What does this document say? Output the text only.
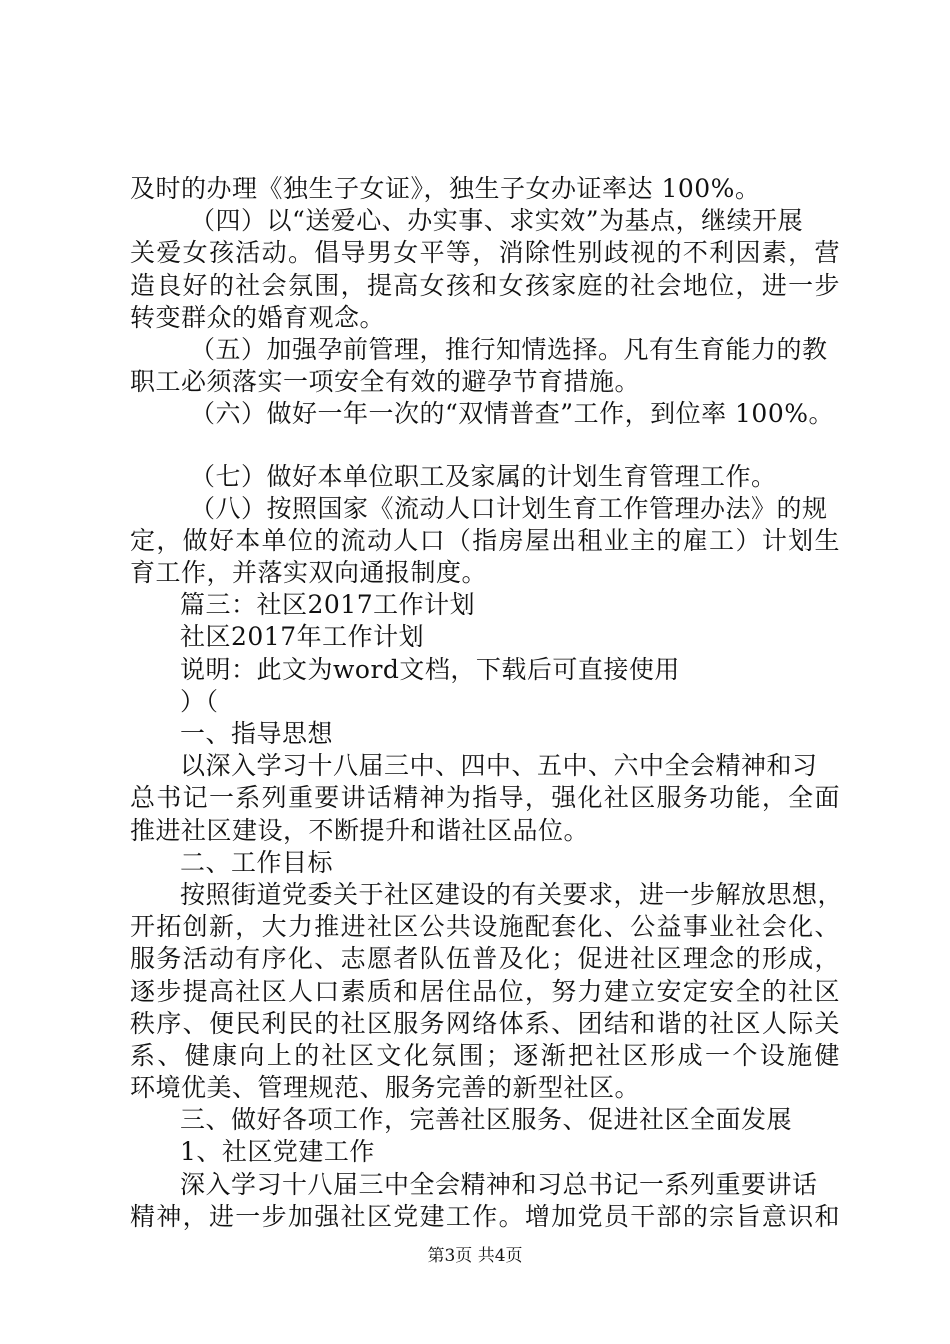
及时的办理《独生子女证》，独生子女办证率达 100%。
（四）以“送爱心、办实事、求实效”为基点，继续开展
关爱女孩活动。倡导男女平等，消除性别歧视的不利因素，营
造良好的社会氛围，提高女孩和女孩家庭的社会地位，进一步
转变群众的婚育观念。
（五）加强孕前管理，推行知情选择。凡有生育能力的教
职工必须落实一项安全有效的避孕节育措施。
（六）做好一年一次的“双情普查”工作，到位率 100%。
（七）做好本单位职工及家属的计划生育管理工作。
（八）按照国家《流动人口计划生育工作管理办法》的规
定，做好本单位的流动人口（指房屋出租业主的雇工）计划生
育工作，并落实双向通报制度。
篇三：社区2017工作计划
社区2017年工作计划
说明：此文为word文档，下载后可直接使用
）（
一、指导思想
以深入学习十八届三中、四中、五中、六中全会精神和习
总书记一系列重要讲话精神为指导，强化社区服务功能，全面
推进社区建设，不断提升和谐社区品位。
二、工作目标
按照街道党委关于社区建设的有关要求，进一步解放思想，
开拓创新，大力推进社区公共设施配套化、公益事业社会化、
服务活动有序化、志愿者队伍普及化；促进社区理念的形成，
逐步提高社区人口素质和居住品位，努力建立安定安全的社区
秩序、便民利民的社区服务网络体系、团结和谐的社区人际关
系、健康向上的社区文化氛围；逐渐把社区形成一个设施健
环境优美、管理规范、服务完善的新型社区。
三、做好各项工作，完善社区服务、促进社区全面发展
1、社区党建工作
深入学习十八届三中全会精神和习总书记一系列重要讲话
精神，进一步加强社区党建工作。增加党员干部的宗旨意识和
第3页 共4页
